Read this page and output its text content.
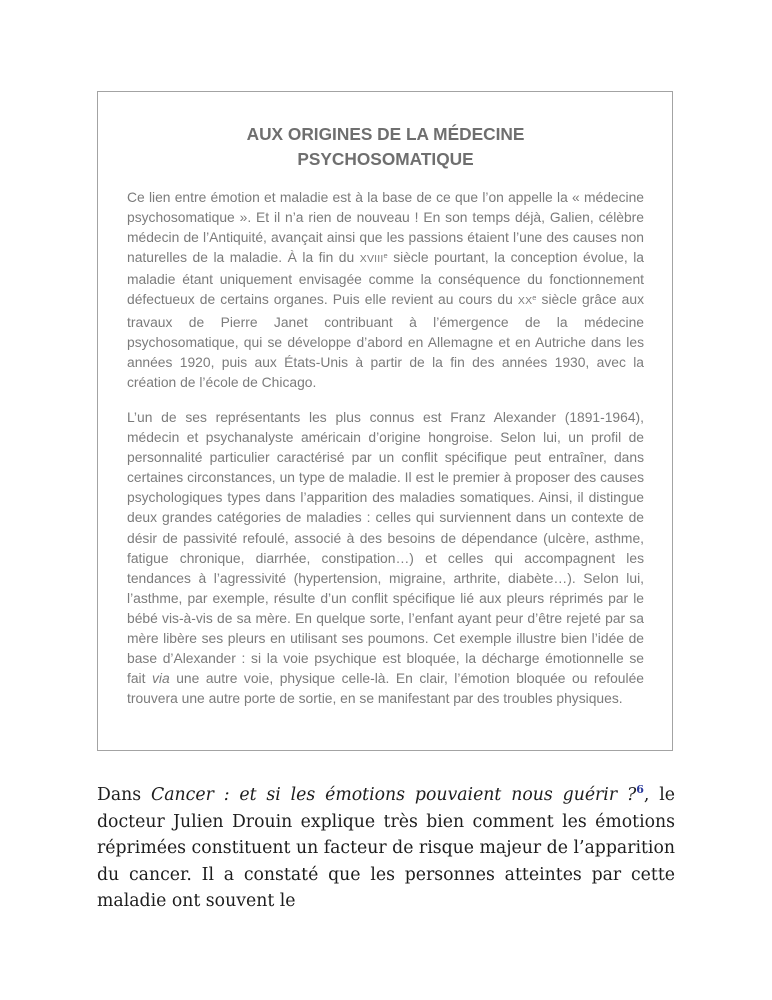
AUX ORIGINES DE LA MÉDECINE
PSYCHOSOMATIQUE

Ce lien entre émotion et maladie est à la base de ce que l’on appelle la « médecine psychosomatique ». Et il n’a rien de nouveau ! En son temps déjà, Galien, célèbre médecin de l’Antiquité, avançait ainsi que les passions étaient l’une des causes non naturelles de la maladie. À la fin du XVIIIe siècle pourtant, la conception évolue, la maladie étant uniquement envisagée comme la conséquence du fonctionnement défectueux de certains organes. Puis elle revient au cours du XXe siècle grâce aux travaux de Pierre Janet contribuant à l’émergence de la médecine psychosomatique, qui se développe d’abord en Allemagne et en Autriche dans les années 1920, puis aux États-Unis à partir de la fin des années 1930, avec la création de l’école de Chicago.

L’un de ses représentants les plus connus est Franz Alexander (1891-1964), médecin et psychanalyste américain d’origine hongroise. Selon lui, un profil de personnalité particulier caractérisé par un conflit spécifique peut entraîner, dans certaines circonstances, un type de maladie. Il est le premier à proposer des causes psychologiques types dans l’apparition des maladies somatiques. Ainsi, il distingue deux grandes catégories de maladies : celles qui surviennent dans un contexte de désir de passivité refoulé, associé à des besoins de dépendance (ulcère, asthme, fatigue chronique, diarrhée, constipation…) et celles qui accompagnent les tendances à l’agressivité (hypertension, migraine, arthrite, diabète…). Selon lui, l’asthme, par exemple, résulte d’un conflit spécifique lié aux pleurs réprimés par le bébé vis-à-vis de sa mère. En quelque sorte, l’enfant ayant peur d’être rejeté par sa mère libère ses pleurs en utilisant ses poumons. Cet exemple illustre bien l’idée de base d’Alexander : si la voie psychique est bloquée, la décharge émotionnelle se fait via une autre voie, physique celle-là. En clair, l’émotion bloquée ou refoulée trouvera une autre porte de sortie, en se manifestant par des troubles physiques.

Dans Cancer : et si les émotions pouvaient nous guérir ?$^6$, le docteur Julien Drouin explique très bien comment les émotions réprimées constituent un facteur de risque majeur de l’apparition du cancer. Il a constaté que les personnes atteintes par cette maladie ont souvent le
